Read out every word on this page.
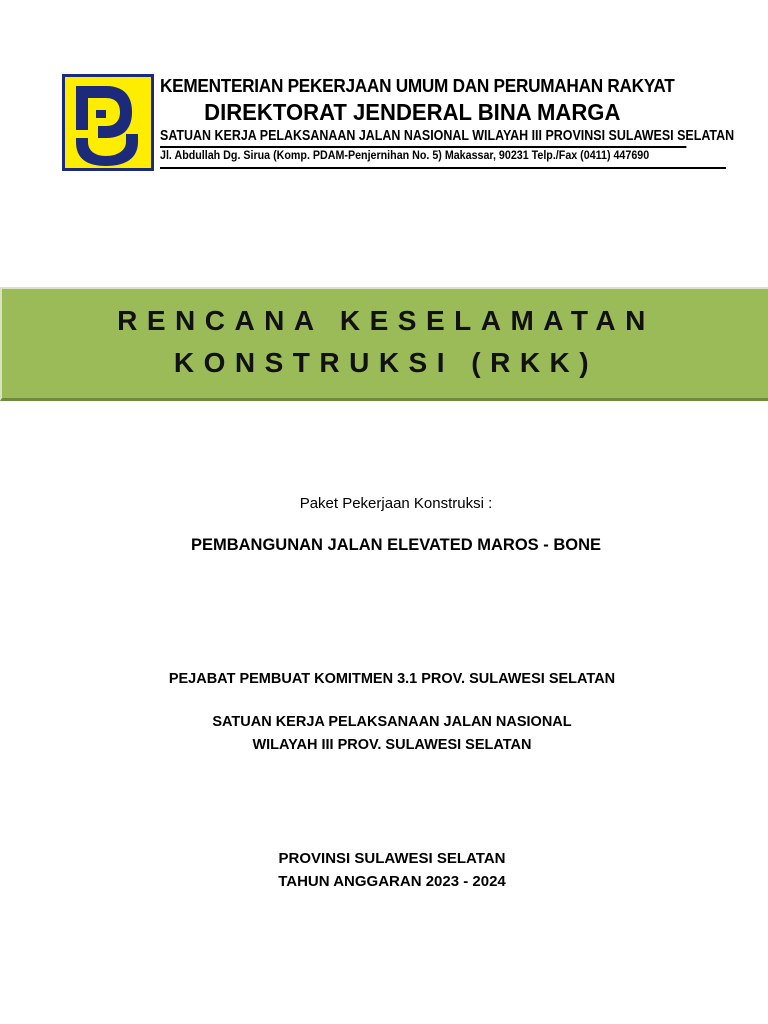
KEMENTERIAN PEKERJAAN UMUM DAN PERUMAHAN RAKYAT
DIREKTORAT JENDERAL BINA MARGA
SATUAN KERJA PELAKSANAAN JALAN NASIONAL WILAYAH III PROVINSI SULAWESI SELATAN
Jl. Abdullah Dg. Sirua (Komp. PDAM-Penjernihan No. 5) Makassar, 90231 Telp./Fax (0411) 447690
RENCANA KESELAMATAN
KONSTRUKSI (RKK)
Paket Pekerjaan Konstruksi :
PEMBANGUNAN JALAN ELEVATED MAROS - BONE
PEJABAT PEMBUAT KOMITMEN 3.1 PROV. SULAWESI SELATAN
SATUAN KERJA PELAKSANAAN JALAN NASIONAL
WILAYAH III PROV. SULAWESI SELATAN
PROVINSI SULAWESI SELATAN
TAHUN ANGGARAN 2023 - 2024
